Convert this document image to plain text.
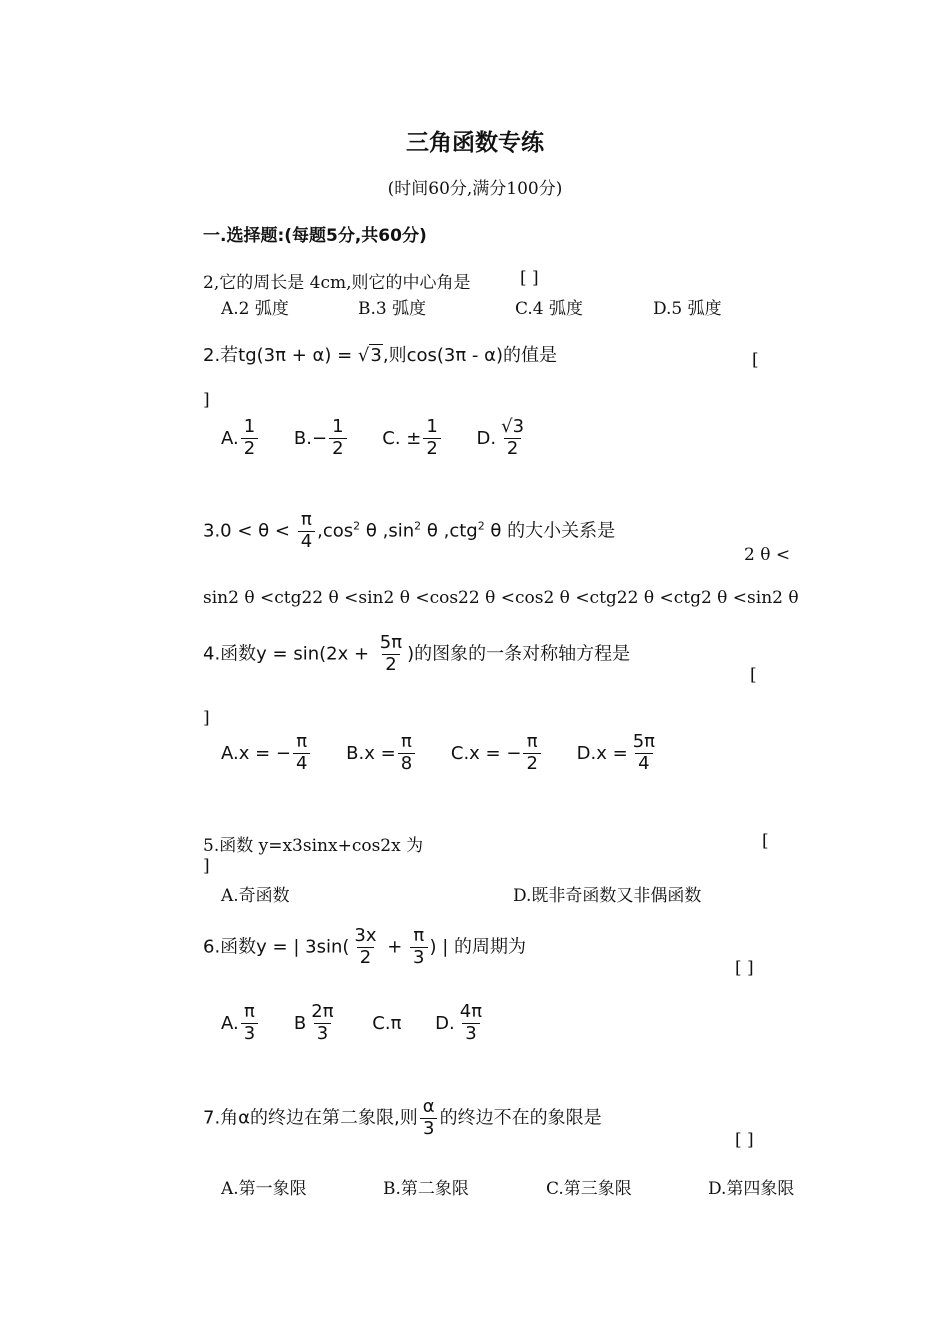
三角函数专练
(时间60分,满分100分)
一.选择题:(每题5分,共60分)
2,它的周长是 4cm,则它的中心角是	[ ]
A.2 弧度	B.3 弧度	C.4 弧度	D.5 弧度
2.若tg(3π + α) = √3,则cos(3π - α)的值是	[
]
A. $\frac{1}{2}$
$B.- \frac{1}{2}$
C. ± $\frac{1}{2}$
D. $\frac{√3}{2}$
$3.0 < \theta < \frac{\pi}{4} ,\cos^2$ θ $,\sin^2$ θ ,ctg$^2$ θ 的大小关系是
2 θ <
sin2 θ <ctg22 θ <sin2 θ <cos22 θ <cos2 θ <ctg22 θ <ctg2 θ <sin2 θ
4.函数$y = \sin(2x + \frac{5\pi}{2}$ )的图象的一条对称轴方程是
[
]
A.x = − $\frac{\pi}{4}$
$B.x = \frac{\pi}{8}$
C.x = − $\frac{\pi}{2}$
$D.x = \frac{5\pi}{4}$
5.函数 y=x3sinx+cos2x 为	[
]
A.奇函数	D.既非奇函数又非偶函数
6.函数y = | $3\sin( \frac{3x}{2} + \frac{\pi}{3}$ ) | 的周期为
[ ]
A. $\frac{\pi}{3}$
B $\frac{2\pi}{3}$
C.π
D. $\frac{4\pi}{3}$
7.角α的终边在第二象限,则 $\frac{\alpha}{3}$ 的终边不在的象限是
[ ]
A.第一象限	B.第二象限	C.第三象限	D.第四象限
